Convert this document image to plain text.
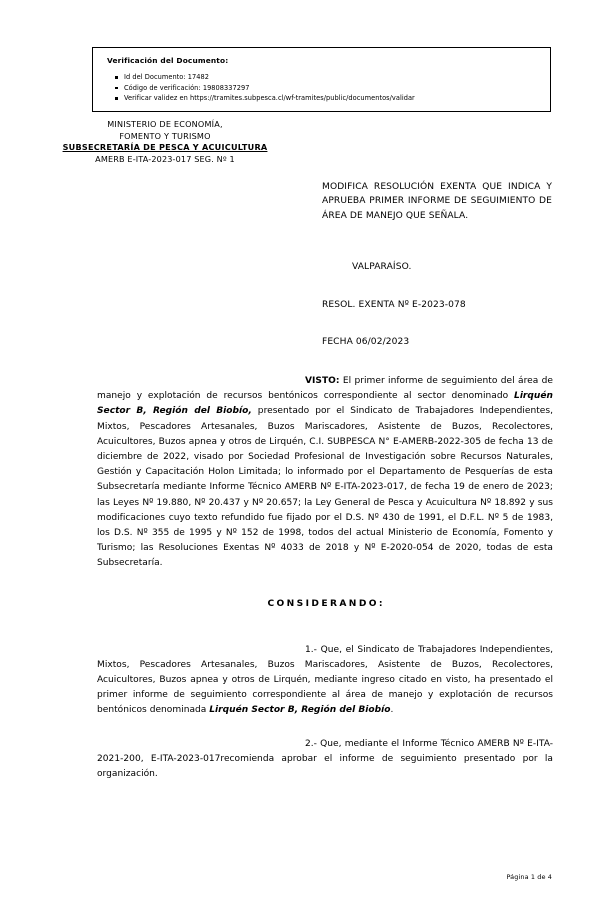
Verificación del Documento:
Id del Documento: 17482
Código de verificación: 19808337297
Verificar validez en https://tramites.subpesca.cl/wf-tramites/public/documentos/validar
MINISTERIO DE ECONOMÍA,
FOMENTO Y TURISMO
SUBSECRETARÍA DE PESCA Y ACUICULTURA
AMERB E-ITA-2023-017 SEG. Nº 1
MODIFICA RESOLUCIÓN EXENTA QUE INDICA Y APRUEBA PRIMER INFORME DE SEGUIMIENTO DE ÁREA DE MANEJO QUE SEÑALA.
VALPARAÍSO.
RESOL. EXENTA Nº E-2023-078
FECHA 06/02/2023

VISTO: El primer informe de seguimiento del área de manejo y explotación de recursos bentónicos correspondiente al sector denominado Lirquén Sector B, Región del Biobío, presentado por el Sindicato de Trabajadores Independientes, Mixtos, Pescadores Artesanales, Buzos Mariscadores, Asistente de Buzos, Recolectores, Acuicultores, Buzos apnea y otros de Lirquén, C.I. SUBPESCA N° E-AMERB-2022-305 de fecha 13 de diciembre de 2022, visado por Sociedad Profesional de Investigación sobre Recursos Naturales, Gestión y Capacitación Holon Limitada; lo informado por el Departamento de Pesquerías de esta Subsecretaría mediante Informe Técnico AMERB Nº E-ITA-2023-017, de fecha 19 de enero de 2023; las Leyes Nº 19.880, Nº 20.437 y Nº 20.657; la Ley General de Pesca y Acuicultura Nº 18.892 y sus modificaciones cuyo texto refundido fue fijado por el D.S. Nº 430 de 1991, el D.F.L. Nº 5 de 1983, los D.S. Nº 355 de 1995 y Nº 152 de 1998, todos del actual Ministerio de Economía, Fomento y Turismo; las Resoluciones Exentas Nº 4033 de 2018 y Nº E-2020-054 de 2020, todas de esta Subsecretaría.

CONSIDERANDO:

1.- Que, el Sindicato de Trabajadores Independientes, Mixtos, Pescadores Artesanales, Buzos Mariscadores, Asistente de Buzos, Recolectores, Acuicultores, Buzos apnea y otros de Lirquén, mediante ingreso citado en visto, ha presentado el primer informe de seguimiento correspondiente al área de manejo y explotación de recursos bentónicos denominada Lirquén Sector B, Región del Biobío.

2.- Que, mediante el Informe Técnico AMERB Nº E-ITA-2021-200, E-ITA-2023-017recomienda aprobar el informe de seguimiento presentado por la organización.

Página 1 de 4
